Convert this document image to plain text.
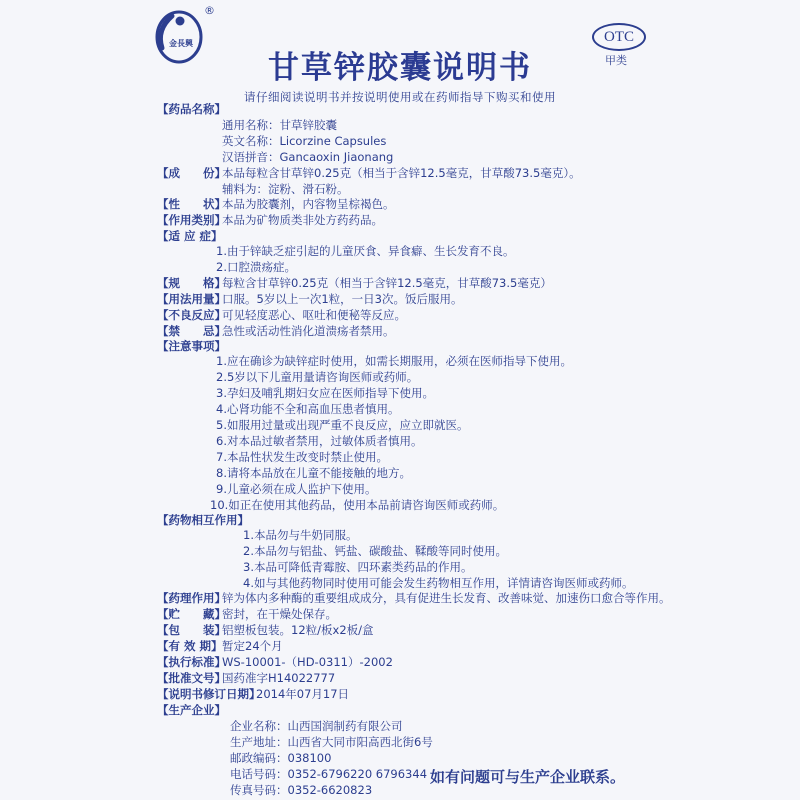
金長興
®
OTC
甲类
甘草锌胶囊说明书
请仔细阅读说明书并按说明使用或在药师指导下购买和使用
【药品名称】
通用名称：甘草锌胶囊
英文名称：Licorzine Capsules
汉语拼音：Gancaoxin Jiaonang
【成　　份】
本品每粒含甘草锌0.25克（相当于含锌12.5毫克，甘草酸73.5毫克）。
辅料为：淀粉、滑石粉。
【性　　状】
本品为胶囊剂，内容物呈棕褐色。
【作用类别】
本品为矿物质类非处方药药品。
【适 应 症】
1.由于锌缺乏症引起的儿童厌食、异食癖、生长发育不良。
2.口腔溃疡症。
【规　　格】
每粒含甘草锌0.25克（相当于含锌12.5毫克，甘草酸73.5毫克）
【用法用量】
口服。5岁以上一次1粒，一日3次。饭后服用。
【不良反应】
可见轻度恶心、呕吐和便秘等反应。
【禁　　忌】
急性或活动性消化道溃疡者禁用。
【注意事项】
1.应在确诊为缺锌症时使用，如需长期服用，必须在医师指导下使用。
2.5岁以下儿童用量请咨询医师或药师。
3.孕妇及哺乳期妇女应在医师指导下使用。
4.心肾功能不全和高血压患者慎用。
5.如服用过量或出现严重不良反应，应立即就医。
6.对本品过敏者禁用，过敏体质者慎用。
7.本品性状发生改变时禁止使用。
8.请将本品放在儿童不能接触的地方。
9.儿童必须在成人监护下使用。
10.如正在使用其他药品，使用本品前请咨询医师或药师。
【药物相互作用】
1.本品勿与牛奶同服。
2.本品勿与铝盐、钙盐、碳酸盐、鞣酸等同时使用。
3.本品可降低青霉胺、四环素类药品的作用。
4.如与其他药物同时使用可能会发生药物相互作用，详情请咨询医师或药师。
【药理作用】
锌为体内多种酶的重要组成成分，具有促进生长发育、改善味觉、加速伤口愈合等作用。
【贮　　藏】
密封，在干燥处保存。
【包　　装】
铝塑板包装。12粒/板x2板/盒
【有 效 期】 暂定24个月
【执行标准】
WS-10001-（HD-0311）-2002
【批准文号】
国药准字H14022777
【说明书修订日期】
2014年07月17日
【生产企业】
企业名称：山西国润制药有限公司
生产地址：山西省大同市阳高西北街6号
邮政编码：038100
电话号码：0352-6796220 6796344
传真号码：0352-6620823
如有问题可与生产企业联系。
